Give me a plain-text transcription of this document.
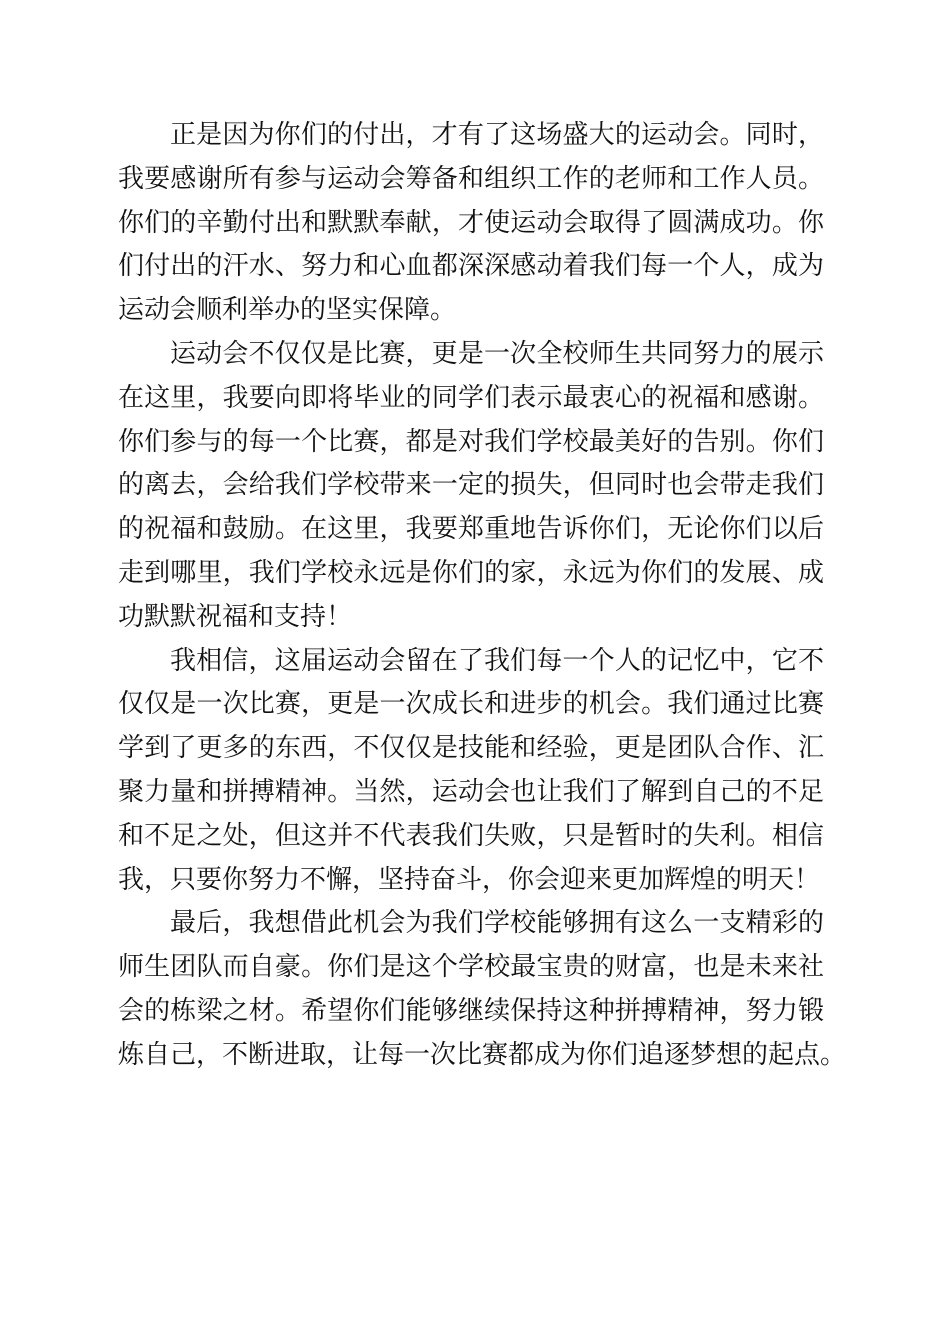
正是因为你们的付出，才有了这场盛大的运动会。同时，
我要感谢所有参与运动会筹备和组织工作的老师和工作人员。
你们的辛勤付出和默默奉献，才使运动会取得了圆满成功。你
们付出的汗水、努力和心血都深深感动着我们每一个人，成为
运动会顺利举办的坚实保障。
运动会不仅仅是比赛，更是一次全校师生共同努力的展示
在这里，我要向即将毕业的同学们表示最衷心的祝福和感谢。
你们参与的每一个比赛，都是对我们学校最美好的告别。你们
的离去，会给我们学校带来一定的损失，但同时也会带走我们
的祝福和鼓励。在这里，我要郑重地告诉你们，无论你们以后
走到哪里，我们学校永远是你们的家，永远为你们的发展、成
功默默祝福和支持！
我相信，这届运动会留在了我们每一个人的记忆中，它不
仅仅是一次比赛，更是一次成长和进步的机会。我们通过比赛
学到了更多的东西，不仅仅是技能和经验，更是团队合作、汇
聚力量和拼搏精神。当然，运动会也让我们了解到自己的不足
和不足之处，但这并不代表我们失败，只是暂时的失利。相信
我，只要你努力不懈，坚持奋斗，你会迎来更加辉煌的明天！
最后，我想借此机会为我们学校能够拥有这么一支精彩的
师生团队而自豪。你们是这个学校最宝贵的财富，也是未来社
会的栋梁之材。希望你们能够继续保持这种拼搏精神，努力锻
炼自己，不断进取，让每一次比赛都成为你们追逐梦想的起点。
